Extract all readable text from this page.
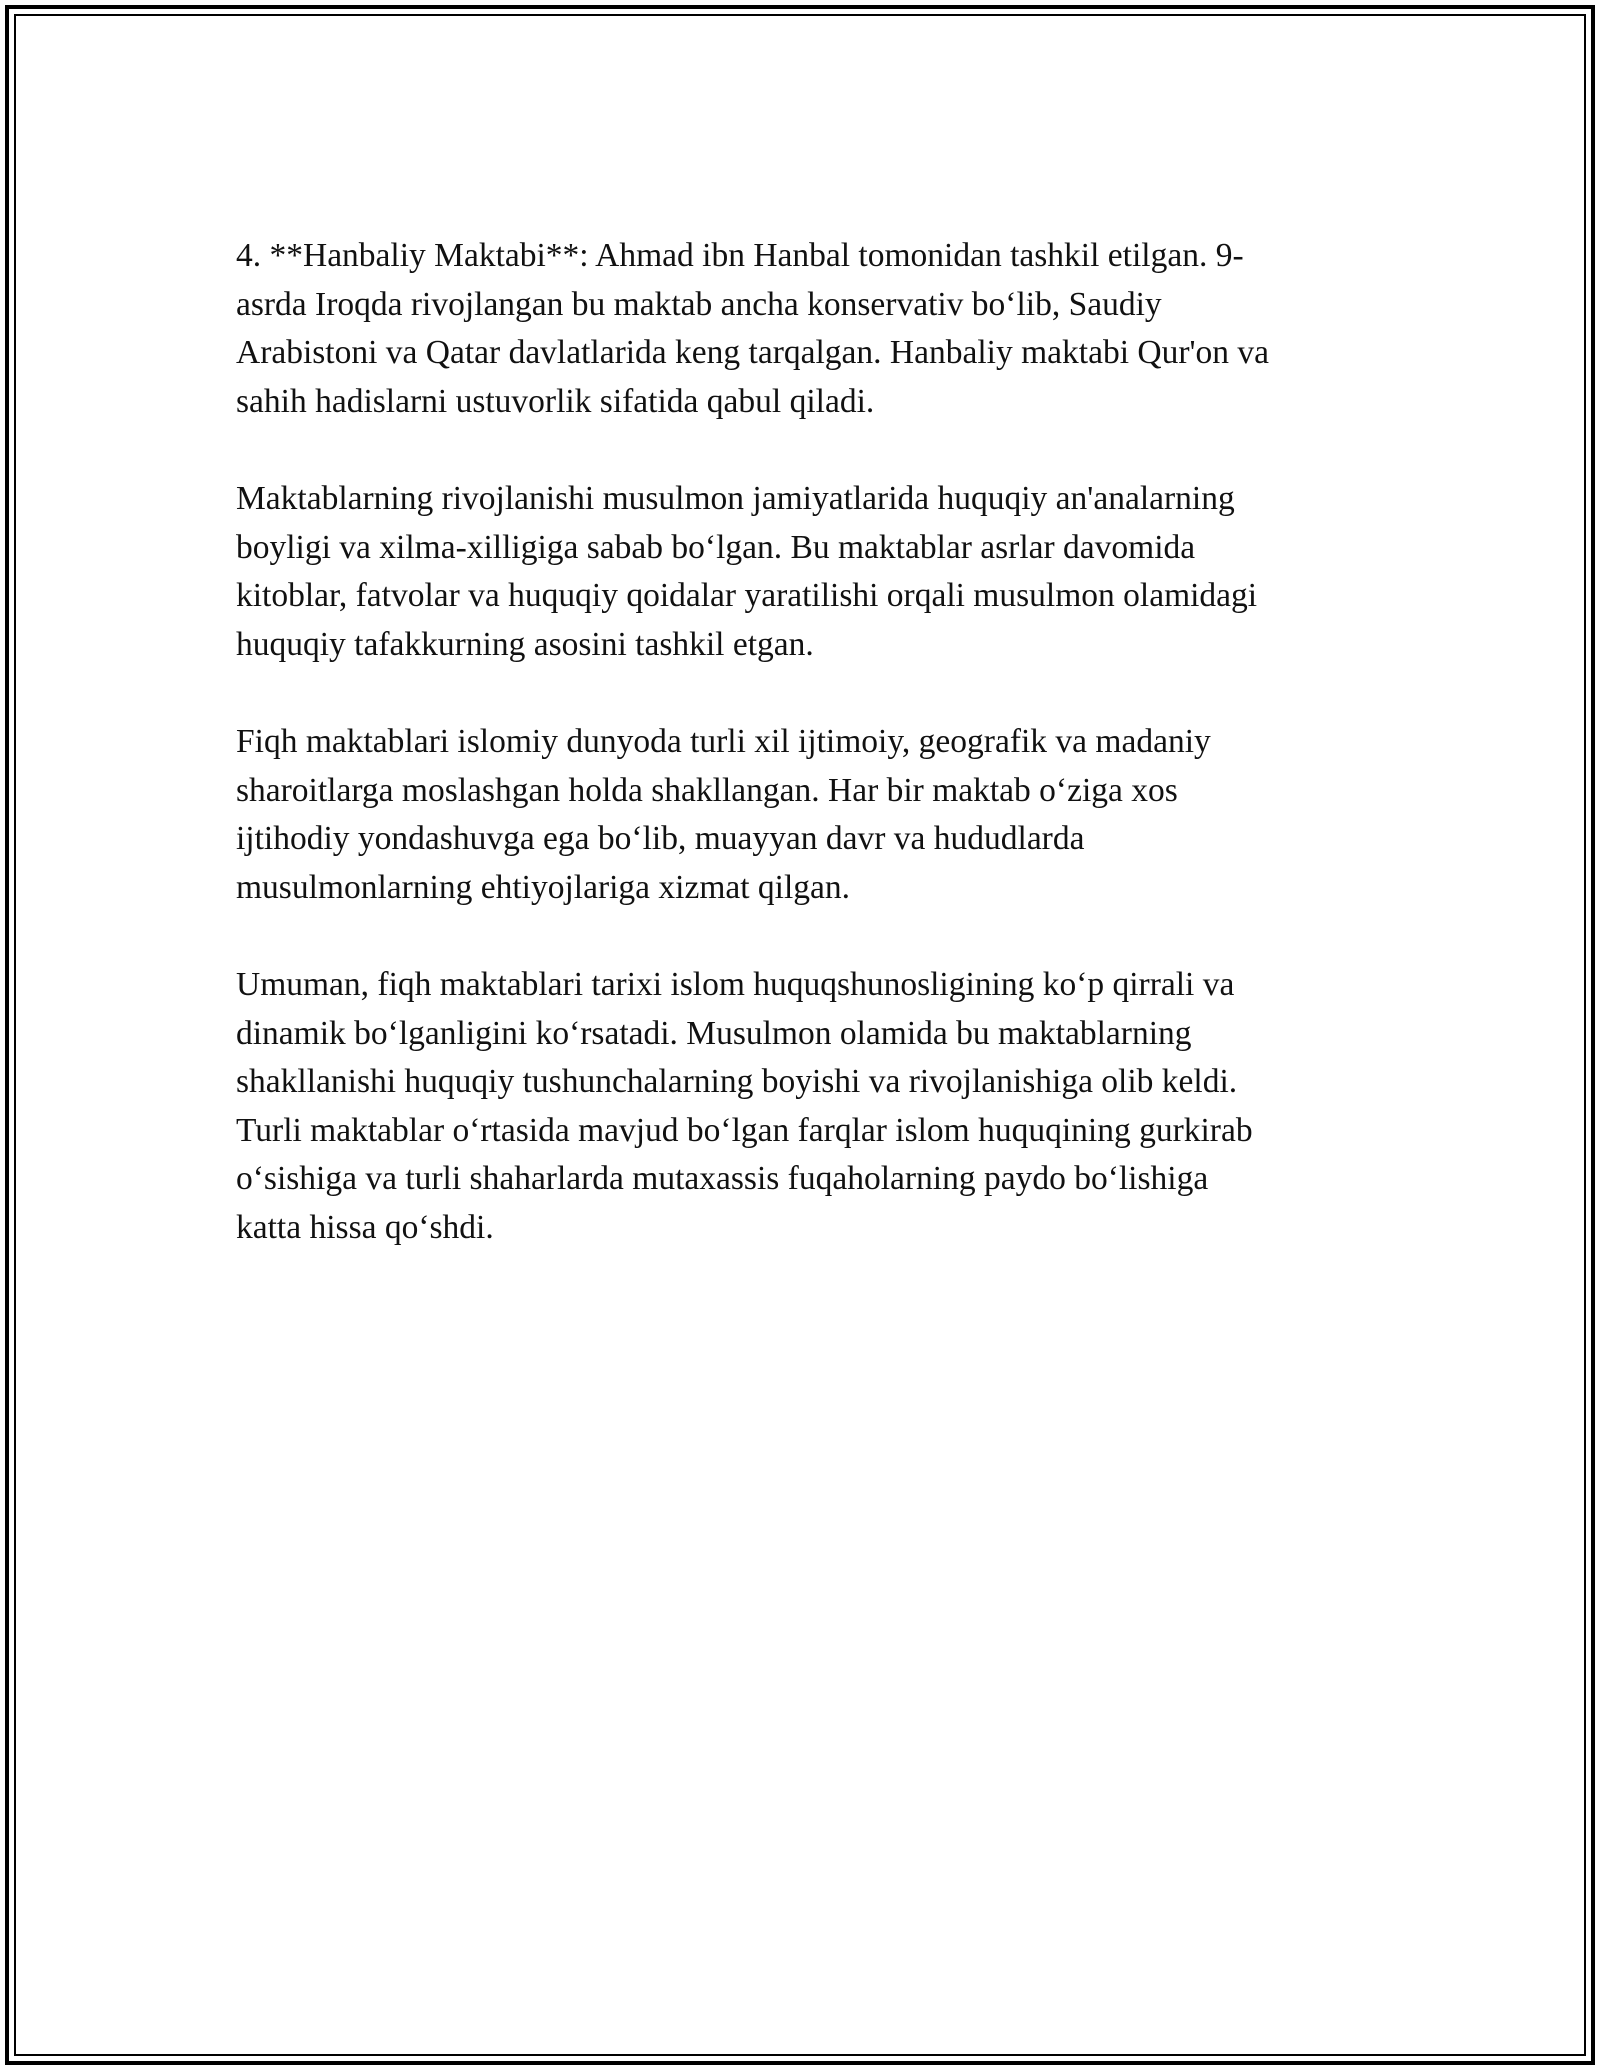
4. **Hanbaliy Maktabi**: Ahmad ibn Hanbal tomonidan tashkil etilgan. 9-
asrda Iroqda rivojlangan bu maktab ancha konservativ bo‘lib, Saudiy
Arabistoni va Qatar davlatlarida keng tarqalgan. Hanbaliy maktabi Qur'on va
sahih hadislarni ustuvorlik sifatida qabul qiladi.

Maktablarning rivojlanishi musulmon jamiyatlarida huquqiy an'analarning
boyligi va xilma-xilligiga sabab bo‘lgan. Bu maktablar asrlar davomida
kitoblar, fatvolar va huquqiy qoidalar yaratilishi orqali musulmon olamidagi
huquqiy tafakkurning asosini tashkil etgan.

Fiqh maktablari islomiy dunyoda turli xil ijtimoiy, geografik va madaniy
sharoitlarga moslashgan holda shakllangan. Har bir maktab o‘ziga xos
ijtihodiy yondashuvga ega bo‘lib, muayyan davr va hududlarda
musulmonlarning ehtiyojlariga xizmat qilgan.

Umuman, fiqh maktablari tarixi islom huquqshunosligining ko‘p qirrali va
dinamik bo‘lganligini ko‘rsatadi. Musulmon olamida bu maktablarning
shakllanishi huquqiy tushunchalarning boyishi va rivojlanishiga olib keldi.
Turli maktablar o‘rtasida mavjud bo‘lgan farqlar islom huquqining gurkirab
o‘sishiga va turli shaharlarda mutaxassis fuqaholarning paydo bo‘lishiga
katta hissa qo‘shdi.
